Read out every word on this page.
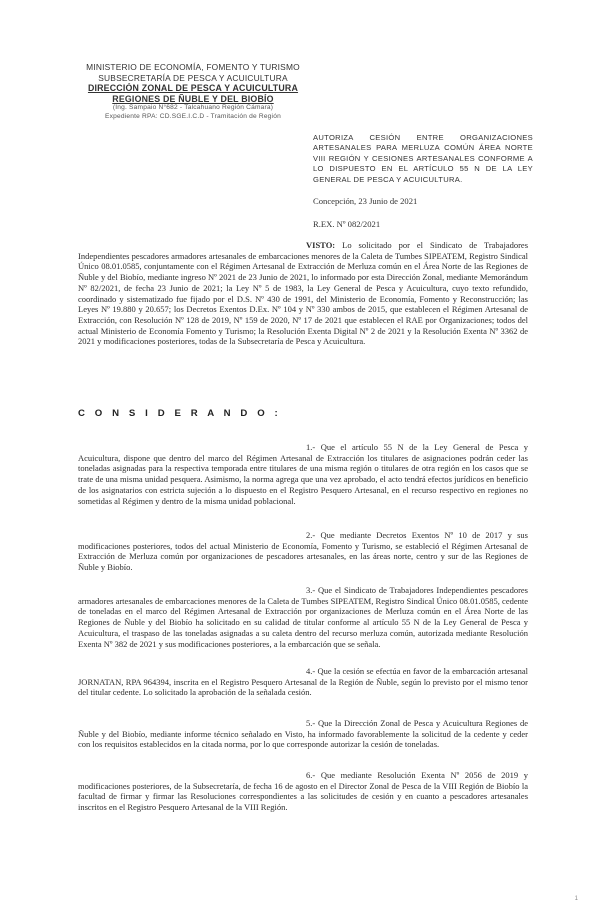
MINISTERIO DE ECONOMÍA, FOMENTO Y TURISMO
SUBSECRETARÍA DE PESCA Y ACUICULTURA
DIRECCIÓN ZONAL DE PESCA Y ACUICULTURA
REGIONES DE ÑUBLE Y DEL BIOBÍO
(Ing. Sampaio N°682 - Talcahuano Región Cámara)
Expediente RPA: CD.SGE.I.C.D - Tramitación de Región
AUTORIZA CESIÓN ENTRE ORGANIZACIONES ARTESANALES PARA MERLUZA COMÚN ÁREA NORTE VIII REGIÓN Y CESIONES ARTESANALES CONFORME A LO DISPUESTO EN EL ARTÍCULO 55 N DE LA LEY GENERAL DE PESCA Y ACUICULTURA.
Concepción, 23 Junio de 2021
R.EX. Nº 082/2021
VISTO: Lo solicitado por el Sindicato de Trabajadores Independientes pescadores armadores artesanales de embarcaciones menores de la Caleta de Tumbes SIPEATEM, Registro Sindical Único 08.01.0585, conjuntamente con el Régimen Artesanal de Extracción de Merluza común en el Área Norte de las Regiones de Ñuble y del Biobío, mediante ingreso Nº 2021 de 23 Junio de 2021, lo informado por esta Dirección Zonal, mediante Memorándum Nº 82/2021, de fecha 23 Junio de 2021; la Ley Nº 5 de 1983, la Ley General de Pesca y Acuicultura, cuyo texto refundido, coordinado y sistematizado fue fijado por el D.S. Nº 430 de 1991, del Ministerio de Economía, Fomento y Reconstrucción; las Leyes Nº 19.880 y 20.657; los Decretos Exentos D.Ex. Nº 104 y Nº 330 ambos de 2015, que establecen el Régimen Artesanal de Extracción, con Resolución Nº 128 de 2019, Nº 159 de 2020, Nº 17 de 2021 que establecen el RAE por Organizaciones; todos del actual Ministerio de Economía Fomento y Turismo; la Resolución Exenta Digital Nº 2 de 2021 y la Resolución Exenta Nº 3362 de 2021 y modificaciones posteriores, todas de la Subsecretaría de Pesca y Acuicultura.
C O N S I D E R A N D O :
1.- Que el artículo 55 N de la Ley General de Pesca y Acuicultura, dispone que dentro del marco del Régimen Artesanal de Extracción los titulares de asignaciones podrán ceder las toneladas asignadas para la respectiva temporada entre titulares de una misma región o titulares de otra región en los casos que se trate de una misma unidad pesquera. Asimismo, la norma agrega que una vez aprobado, el acto tendrá efectos jurídicos en beneficio de los asignatarios con estricta sujeción a lo dispuesto en el Registro Pesquero Artesanal, en el recurso respectivo en regiones no sometidas al Régimen y dentro de la misma unidad poblacional.
2.- Que mediante Decretos Exentos Nº 10 de 2017 y sus modificaciones posteriores, todos del actual Ministerio de Economía, Fomento y Turismo, se estableció el Régimen Artesanal de Extracción de Merluza común por organizaciones de pescadores artesanales, en las áreas norte, centro y sur de las Regiones de Ñuble y Biobío.
3.- Que el Sindicato de Trabajadores Independientes pescadores armadores artesanales de embarcaciones menores de la Caleta de Tumbes SIPEATEM, Registro Sindical Único 08.01.0585, cedente de toneladas en el marco del Régimen Artesanal de Extracción por organizaciones de Merluza común en el Área Norte de las Regiones de Ñuble y del Biobío ha solicitado en su calidad de titular conforme al artículo 55 N de la Ley General de Pesca y Acuicultura, el traspaso de las toneladas asignadas a su caleta dentro del recurso merluza común, autorizada mediante Resolución Exenta Nº 382 de 2021 y sus modificaciones posteriores, a la embarcación que se señala.
4.- Que la cesión se efectúa en favor de la embarcación artesanal JORNATAN, RPA 964394, inscrita en el Registro Pesquero Artesanal de la Región de Ñuble, según lo previsto por el mismo tenor del titular cedente. Lo solicitado la aprobación de la señalada cesión.
5.- Que la Dirección Zonal de Pesca y Acuicultura Regiones de Ñuble y del Biobío, mediante informe técnico señalado en Visto, ha informado favorablemente la solicitud de la cedente y ceder con los requisitos establecidos en la citada norma, por lo que corresponde autorizar la cesión de toneladas.
6.- Que mediante Resolución Exenta Nº 2056 de 2019 y modificaciones posteriores, de la Subsecretaría, de fecha 16 de agosto en el Director Zonal de Pesca de la VIII Región de Biobío la facultad de firmar y firmar las Resoluciones correspondientes a las solicitudes de cesión y en cuanto a pescadores artesanales inscritos en el Registro Pesquero Artesanal de la VIII Región.
1
